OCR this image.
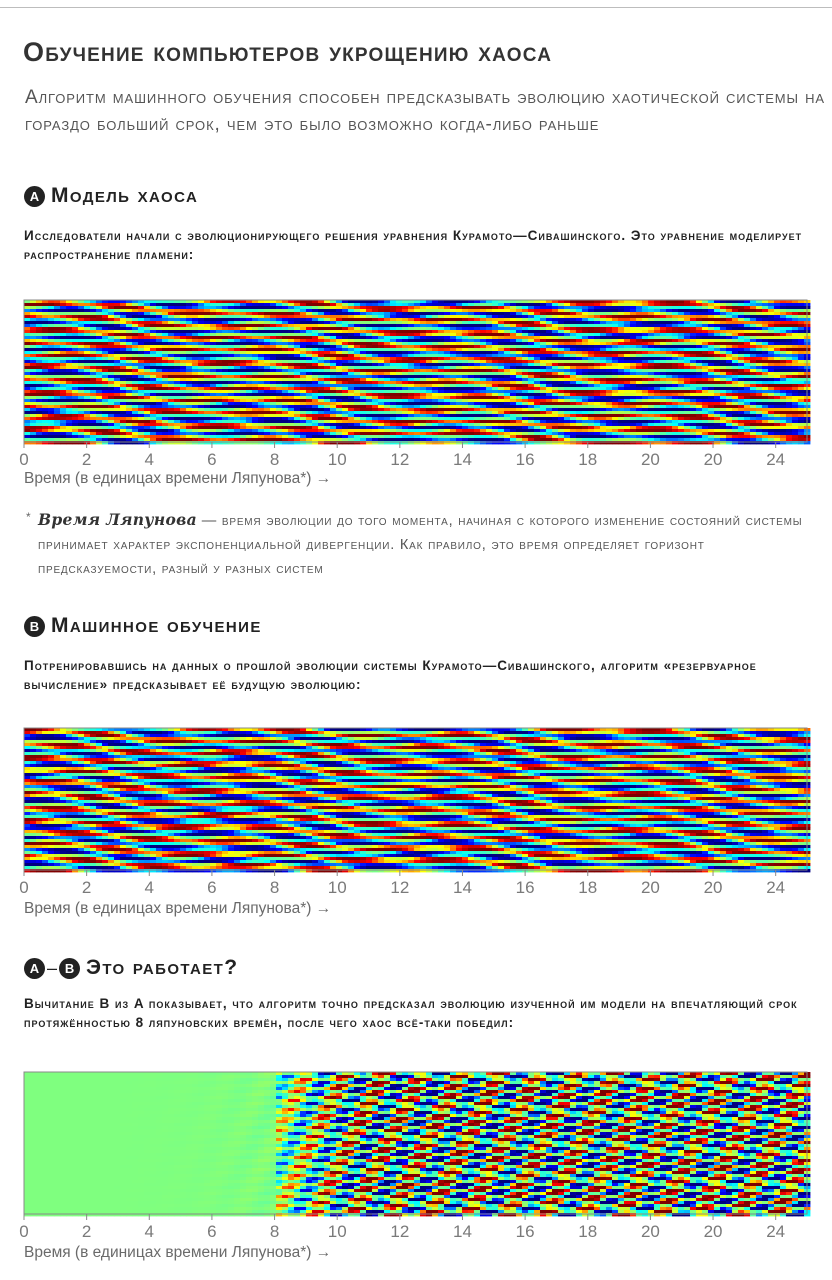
Обучение компьютеров укрощению хаоса

Алгоритм машинного обучения способен предсказывать эволюцию хаотической системы на гораздо больший срок, чем это было возможно когда-либо раньше

A Модель хаоса

Исследователи начали с эволюционирующего решения уравнения Курамото—Сивашинского. Это уравнение моделирует распространение пламени:

0	2	4	6	8	10	12	14	16	18	20	20	24
Время (в единицах времени Ляпунова*) →
* Время Ляпунова — время эволюции до того момента, начиная с которого изменение состояний системы принимает характер экспоненциальной дивергенции. Как правило, это время определяет горизонт предсказуемости, разный у разных систем
B Машинное обучение

Потренировавшись на данных о прошлой эволюции системы Курамото—Сивашинского, алгоритм «резервуарное вычисление» предсказывает её будущую эволюцию:

0	2	4	6	8	10	12	14	16	18	20	20	24
Время (в единицах времени Ляпунова*) →
A – B Это работает?

Вычитание B из A показывает, что алгоритм точно предсказал эволюцию изученной им модели на впечатляющий срок протяжённостью 8 ляпуновских времён, после чего хаос всё-таки победил:

0	2	4	6	8	10	12	14	16	18	20	20	24
Время (в единицах времени Ляпунова*) →
